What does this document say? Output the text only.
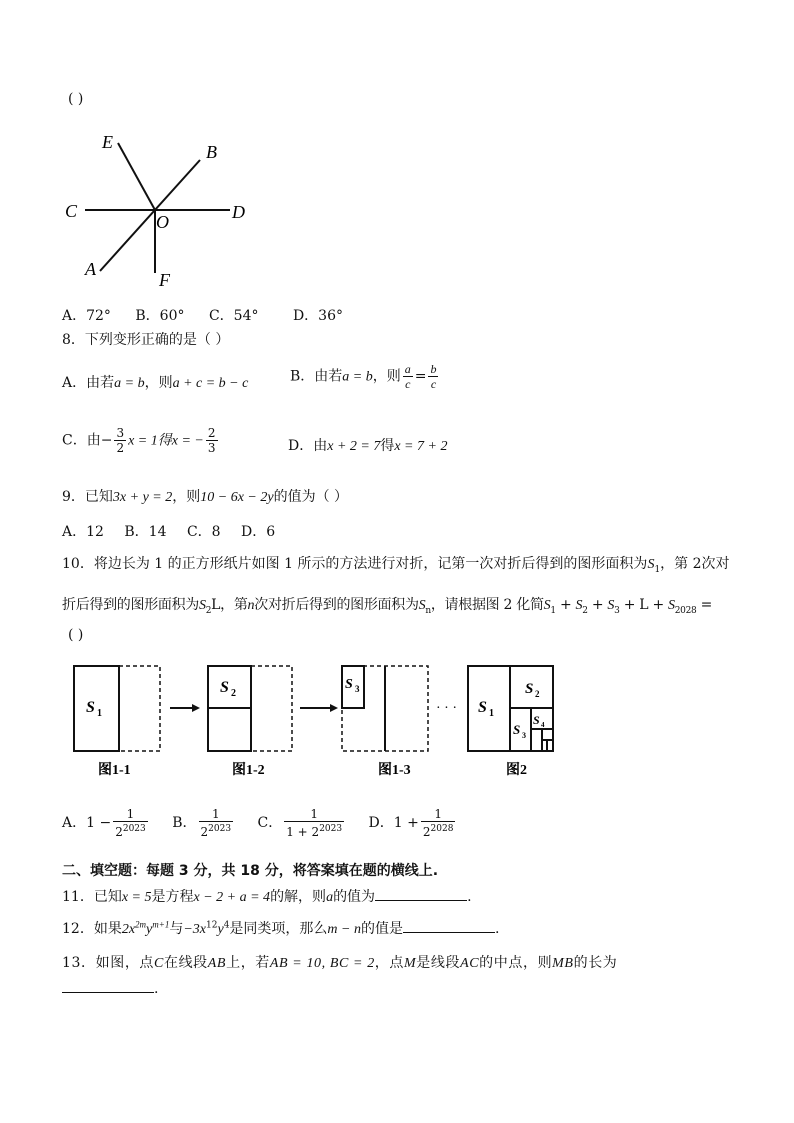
( )
E	B
C
O	D
A
F
A．72° B．60° C．54° D．36°
8．下列变形正确的是（ ）
A．由若a = b，则a + c = b − c	B．由若a = b，则 $\frac{a}{c} = \frac{b}{c}$
C．由− $\frac{3}{2}$ x = 1得x = − $\frac{2}{3}$	D．由x + 2 = 7得x = 7 + 2
9．已知3x + y = 2，则10 − 6x − 2y的值为（ ）
A．12 B．14 C．8 D．6
10．将边长为 1 的正方形纸片如图 1 所示的方法进行对折，记第一次对折后得到的图形面积为$S_1$，第 2次对
折后得到的图形面积为$S_2L$，第n次对折后得到的图形面积为$S_n$，请根据图 2 化简$S_1 + S_2 + S_3 + L + S_{2028}$ =
( )
· · ·
S 1
S 2
S 3
S 1
S 2
S 3
S 4
图1-1	图1-2	图1-3	图2
A．$1 - \frac{1}{2^{2023}}$ B． $\frac{1}{2^{2023}}$ C． $\frac{1}{1 + 2^{2023}}$ D．$1 + \frac{1}{2^{2028}}$
二、填空题：每题 3 分，共 18 分，将答案填在题的横线上.
11．已知x = 5是方程x − 2 + a = 4的解，则a的值为	.
12．如果$2x^{2m}y^{m+1}$与$-3x^{12}y^4$是同类项，那么m − n的值是	.
13．如图，点C在线段AB上，若AB = 10, BC = 2，点M是线段AC的中点，则MB的长为
.
